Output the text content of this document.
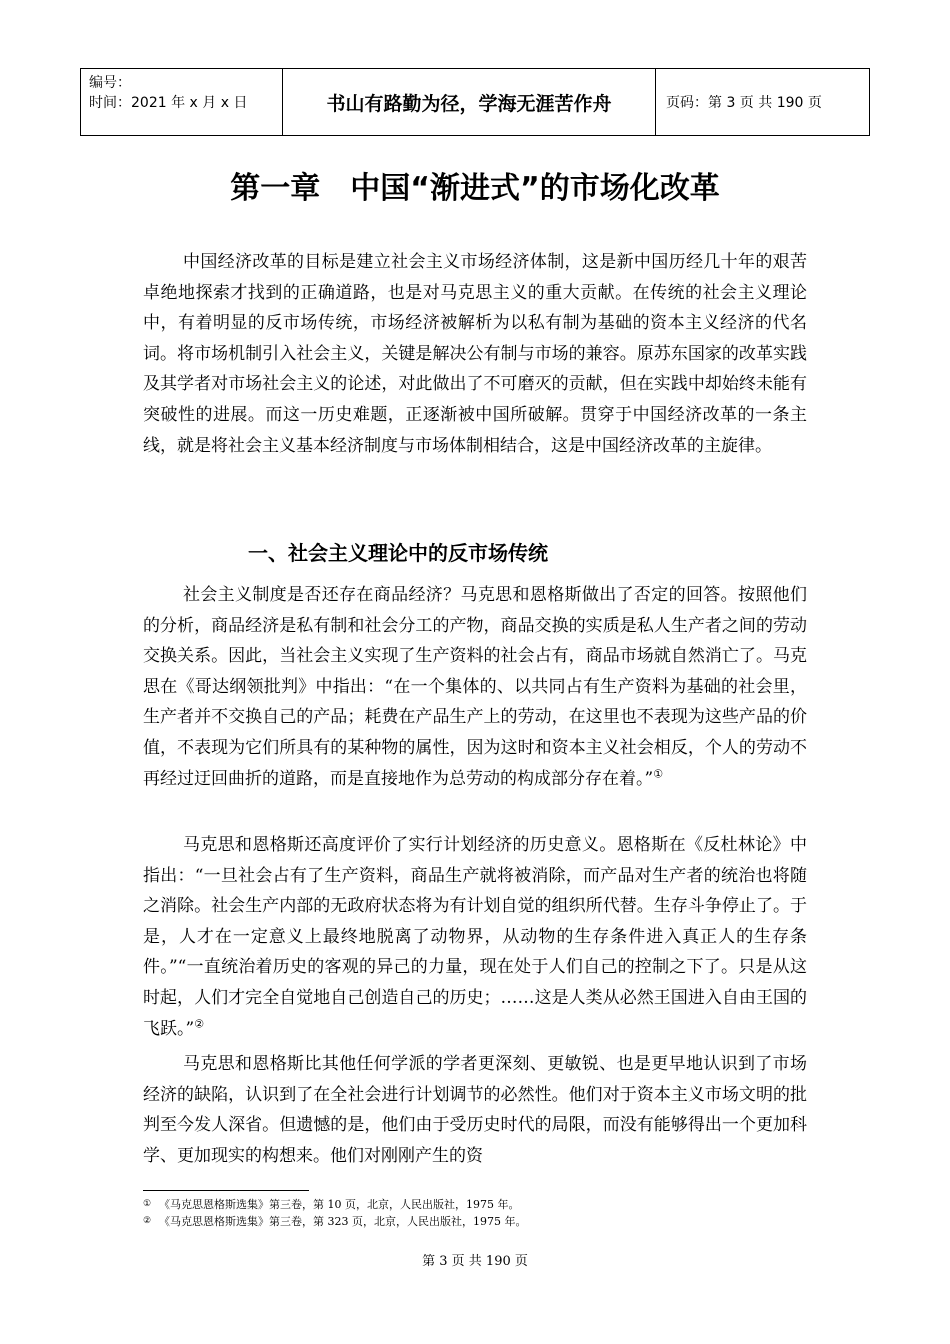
编号：
时间：2021 年 x 月 x 日	书山有路勤为径，学海无涯苦作舟	页码：第 3 页 共 190 页
第一章　中国“渐进式”的市场化改革

中国经济改革的目标是建立社会主义市场经济体制，这是新中国历经几十年的艰苦卓绝地探索才找到的正确道路，也是对马克思主义的重大贡献。在传统的社会主义理论中，有着明显的反市场传统，市场经济被解析为以私有制为基础的资本主义经济的代名词。将市场机制引入社会主义，关键是解决公有制与市场的兼容。原苏东国家的改革实践及其学者对市场社会主义的论述，对此做出了不可磨灭的贡献，但在实践中却始终未能有突破性的进展。而这一历史难题，正逐渐被中国所破解。贯穿于中国经济改革的一条主线，就是将社会主义基本经济制度与市场体制相结合，这是中国经济改革的主旋律。

一、社会主义理论中的反市场传统

社会主义制度是否还存在商品经济？马克思和恩格斯做出了否定的回答。按照他们的分析，商品经济是私有制和社会分工的产物，商品交换的实质是私人生产者之间的劳动交换关系。因此，当社会主义实现了生产资料的社会占有，商品市场就自然消亡了。马克思在《哥达纲领批判》中指出：“在一个集体的、以共同占有生产资料为基础的社会里，生产者并不交换自己的产品；耗费在产品生产上的劳动，在这里也不表现为这些产品的价值，不表现为它们所具有的某种物的属性，因为这时和资本主义社会相反，个人的劳动不再经过迂回曲折的道路，而是直接地作为总劳动的构成部分存在着。”①

马克思和恩格斯还高度评价了实行计划经济的历史意义。恩格斯在《反杜林论》中指出：“一旦社会占有了生产资料，商品生产就将被消除，而产品对生产者的统治也将随之消除。社会生产内部的无政府状态将为有计划自觉的组织所代替。生存斗争停止了。于是，人才在一定意义上最终地脱离了动物界，从动物的生存条件进入真正人的生存条件。”“一直统治着历史的客观的异己的力量，现在处于人们自己的控制之下了。只是从这时起，人们才完全自觉地自己创造自己的历史；……这是人类从必然王国进入自由王国的飞跃。”②

马克思和恩格斯比其他任何学派的学者更深刻、更敏锐、也是更早地认识到了市场经济的缺陷，认识到了在全社会进行计划调节的必然性。他们对于资本主义市场文明的批判至今发人深省。但遗憾的是，他们由于受历史时代的局限，而没有能够得出一个更加科学、更加现实的构想来。他们对刚刚产生的资

① 《马克思恩格斯选集》第三卷，第 10 页，北京，人民出版社，1975 年。
② 《马克思恩格斯选集》第三卷，第 323 页，北京，人民出版社，1975 年。
第 3 页 共 190 页
